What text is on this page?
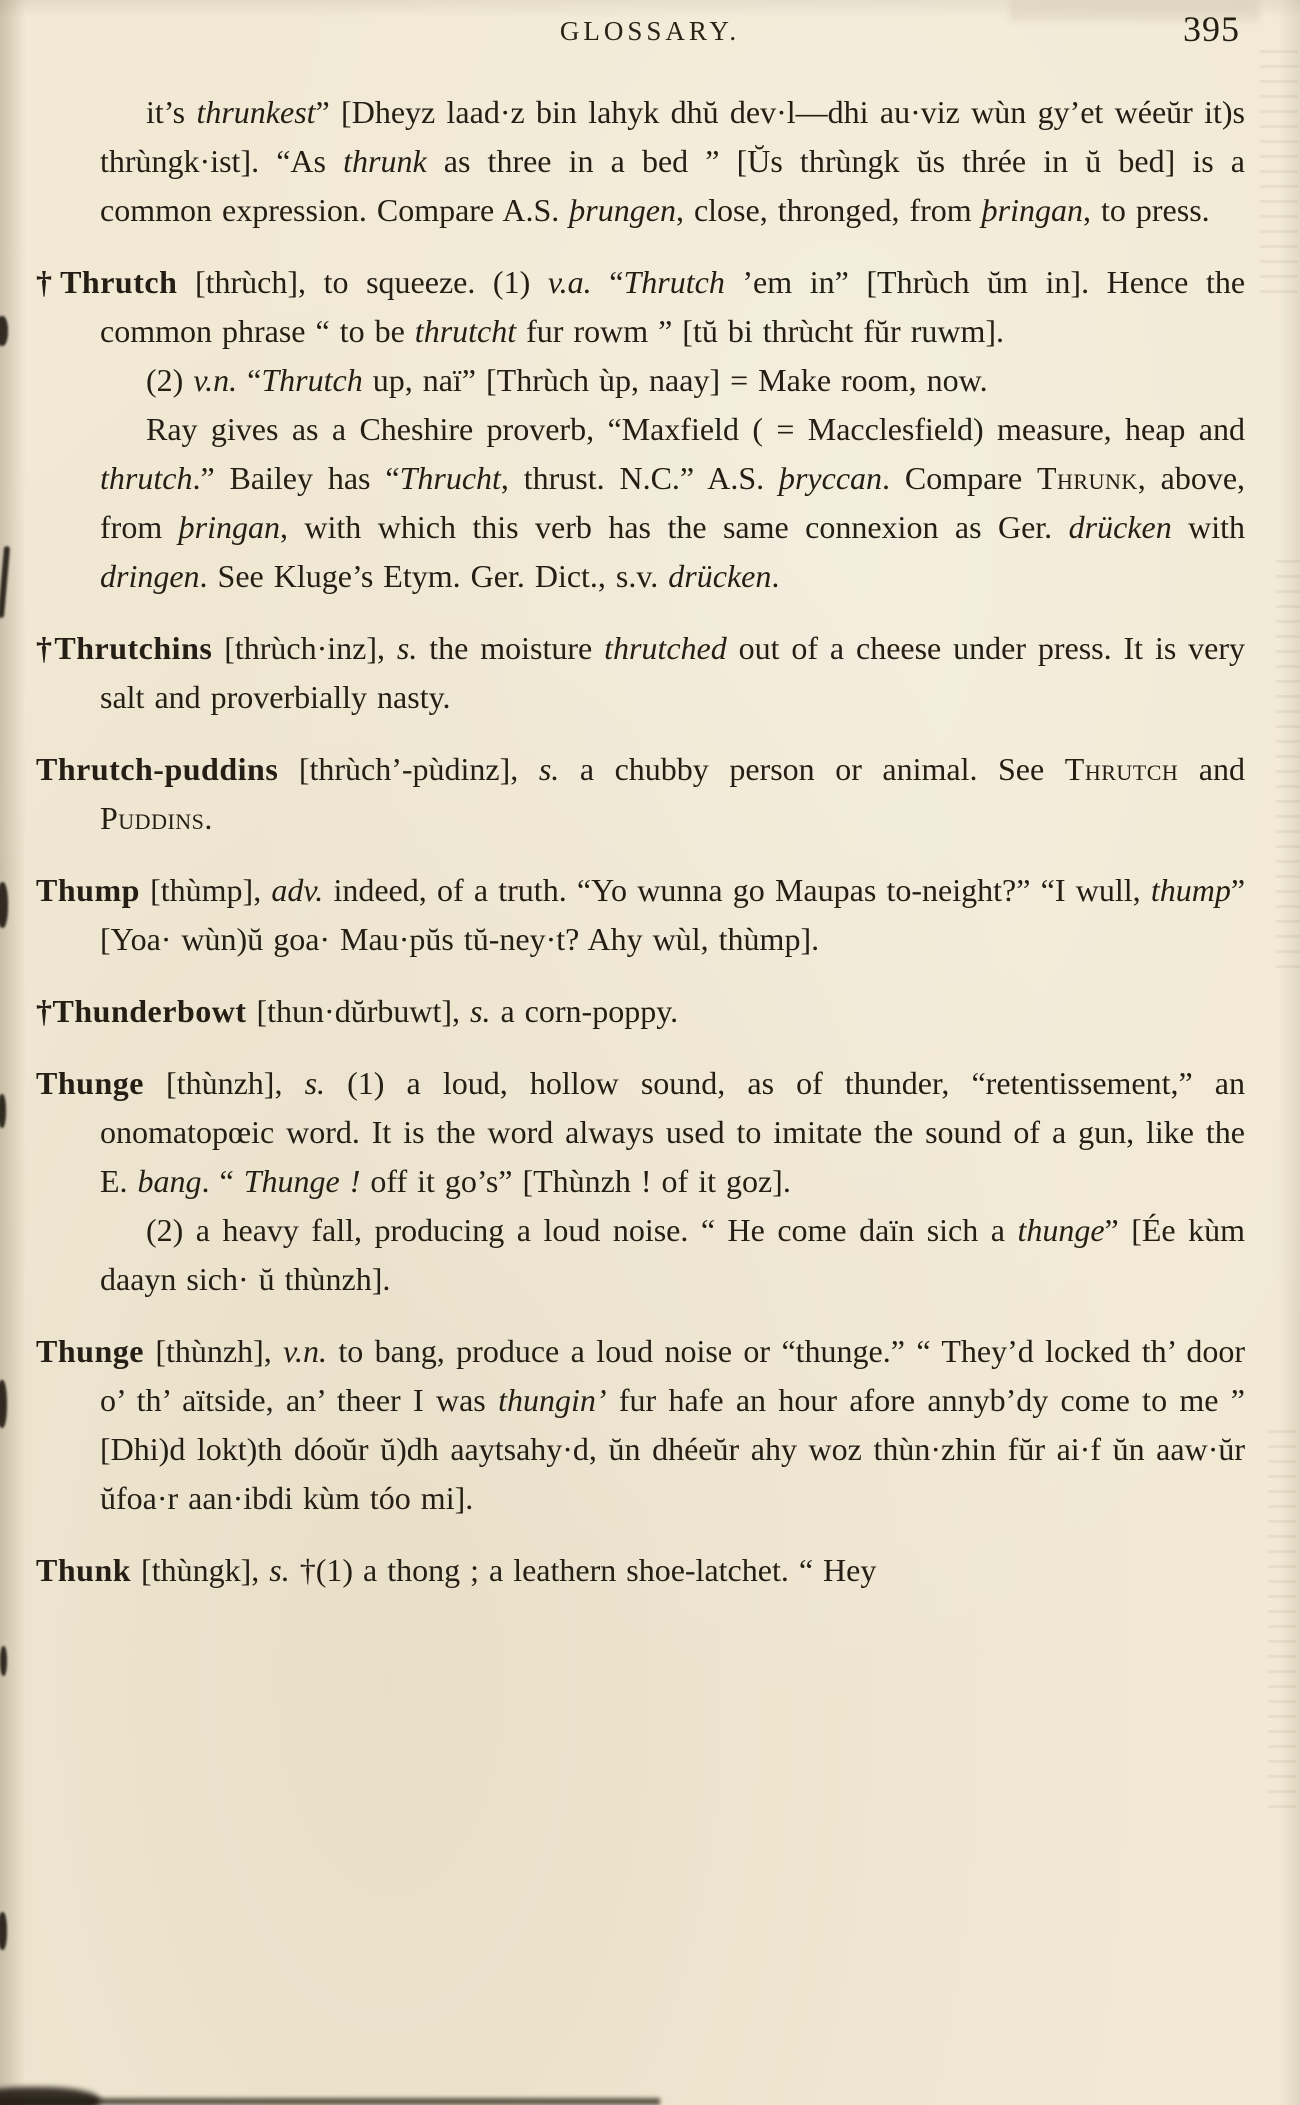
GLOSSARY.	395

it’s thrunkest” [Dheyz laad·z bin lahyk dhŭ dev·l—dhi au·viz wùn gy’et wéeŭr it)s thrùngk·ist]. “As thrunk as three in a bed ” [Ŭs thrùngk ŭs thrée in ŭ bed] is a common expression. Compare A.S. þrungen, close, thronged, from þringan, to press.

†Thrutch [thrùch], to squeeze. (1) v.a. “Thrutch ’em in” [Thrùch ŭm in]. Hence the common phrase “ to be thrutcht fur rowm ” [tŭ bi thrùcht fŭr ruwm].

(2) v.n. “Thrutch up, naï” [Thrùch ùp, naay] = Make room, now.

Ray gives as a Cheshire proverb, “Maxfield ( = Macclesfield) measure, heap and thrutch.” Bailey has “Thrucht, thrust. N.C.” A.S. þryccan. Compare Thrunk, above, from þringan, with which this verb has the same connexion as Ger. drücken with dringen. See Kluge’s Etym. Ger. Dict., s.v. drücken.

†Thrutchins [thrùch·inz], s. the moisture thrutched out of a cheese under press. It is very salt and proverbially nasty.

Thrutch-puddins [thrùch’-pùdinz], s. a chubby person or animal. See Thrutch and Puddins.

Thump [thùmp], adv. indeed, of a truth. “Yo wunna go Maupas to-neight?” “I wull, thump” [Yoa· wùn)ŭ goa· Mau·pŭs tŭ-ney·t? Ahy wùl, thùmp].

†Thunderbowt [thun·dŭrbuwt], s. a corn-poppy.

Thunge [thùnzh], s. (1) a loud, hollow sound, as of thunder, “retentissement,” an onomatopœic word. It is the word always used to imitate the sound of a gun, like the E. bang. “ Thunge ! off it go’s” [Thùnzh ! of it goz].

(2) a heavy fall, producing a loud noise. “ He come daïn sich a thunge” [Ée kùm daayn sich· ŭ thùnzh].

Thunge [thùnzh], v.n. to bang, produce a loud noise or “thunge.” “ They’d locked th’ door o’ th’ aïtside, an’ theer I was thungin’ fur hafe an hour afore annyb’dy come to me ” [Dhi)d lokt)th dóoŭr ŭ)dh aaytsahy·d, ŭn dhéeŭr ahy woz thùn·zhin fŭr ai·f ŭn aaw·ŭr ŭfoa·r aan·ibdi kùm tóo mi].

Thunk [thùngk], s. †(1) a thong ; a leathern shoe-latchet. “ Hey
